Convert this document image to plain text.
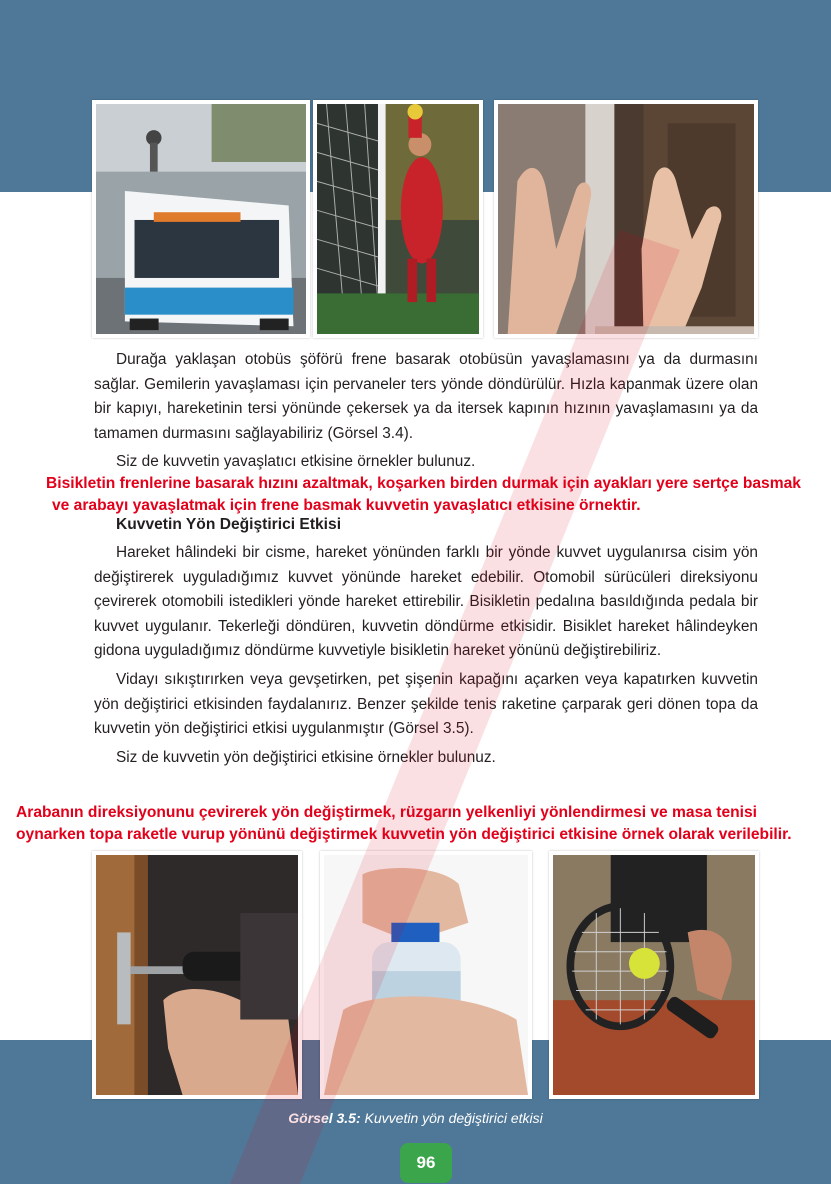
Durağa yaklaşan otobüs şöförü frene basarak otobüsün yavaşlamasını ya da durmasını sağlar. Gemilerin yavaşlaması için pervaneler ters yönde döndürülür. Hızla kapanmak üzere olan bir kapıyı, hareketinin tersi yönünde çekersek ya da itersek kapının hızının yavaşlamasını ya da tamamen durmasını sağlayabiliriz (Görsel 3.4).

Siz de kuvvetin yavaşlatıcı etkisine örnekler bulunuz.

Bisikletin frenlerine basarak hızını azaltmak, koşarken birden durmak için ayakları yere sertçe basmak
ve arabayı yavaşlatmak için frene basmak kuvvetin yavaşlatıcı etkisine örnektir.
Kuvvetin Yön Değiştirici Etkisi

Hareket hâlindeki bir cisme, hareket yönünden farklı bir yönde kuvvet uygulanırsa cisim yön değiştirerek uyguladığımız kuvvet yönünde hareket edebilir. Otomobil sürücüleri direksiyonu çevirerek otomobili istedikleri yönde hareket ettirebilir. Bisikletin pedalına basıldığında pedala bir kuvvet uygulanır. Tekerleği döndüren, kuvvetin döndürme etkisidir. Bisiklet hareket hâlindeyken gidona uyguladığımız döndürme kuvvetiyle bisikletin hareket yönünü değiştirebiliriz.

Vidayı sıkıştırırken veya gevşetirken, pet şişenin kapağını açarken veya kapatırken kuvvetin yön değiştirici etkisinden faydalanırız. Benzer şekilde tenis raketine çarparak geri dönen topa da kuvvetin yön değiştirici etkisi uygulanmıştır (Görsel 3.5).

Siz de kuvvetin yön değiştirici etkisine örnekler bulunuz.

Arabanın direksiyonunu çevirerek yön değiştirmek, rüzgarın yelkenliyi yönlendirmesi ve masa tenisi
oynarken topa raketle vurup yönünü değiştirmek kuvvetin yön değiştirici etkisine örnek olarak verilebilir.
Görsel 3.5: Kuvvetin yön değiştirici etkisi
96
